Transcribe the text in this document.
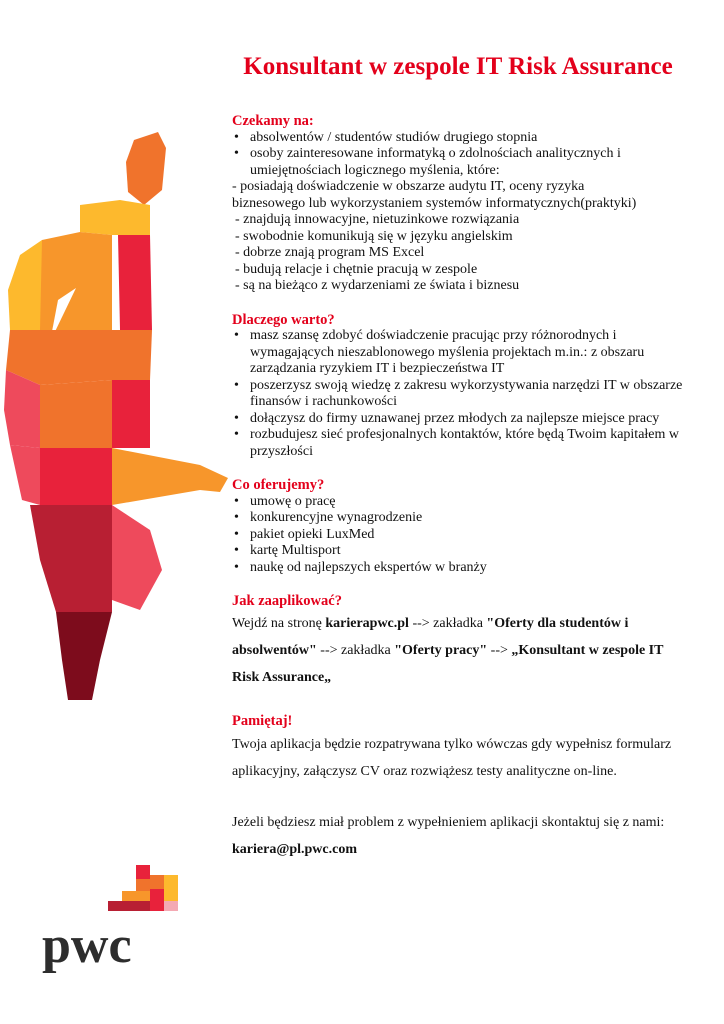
Konsultant w zespole IT Risk Assurance
Czekamy na:
• absolwentów / studentów studiów drugiego stopnia
• osoby zainteresowane informatyką o zdolnościach analitycznych i umiejętnościach logicznego myślenia, które:
- posiadają doświadczenie w obszarze audytu IT, oceny ryzyka
biznesowego lub wykorzystaniem systemów informatycznych(praktyki)
- znajdują innowacyjne, nietuzinkowe rozwiązania
- swobodnie komunikują się w języku angielskim
- dobrze znają program MS Excel
- budują relacje i chętnie pracują w zespole
- są na bieżąco z wydarzeniami ze świata i biznesu
Dlaczego warto?
• masz szansę zdobyć doświadczenie pracując przy różnorodnych i wymagających nieszablonowego myślenia projektach m.in.: z obszaru zarządzania ryzykiem IT i bezpieczeństwa IT
• poszerzysz swoją wiedzę z zakresu wykorzystywania narzędzi IT w obszarze finansów i rachunkowości
• dołączysz do firmy uznawanej przez młodych za najlepsze miejsce pracy
• rozbudujesz sieć profesjonalnych kontaktów, które będą Twoim kapitałem w przyszłości
Co oferujemy?
• umowę o pracę
• konkurencyjne wynagrodzenie
• pakiet opieki LuxMed
• kartę Multisport
• naukę od najlepszych ekspertów w branży
Jak zaaplikować?

Wejdź na stronę karierapwc.pl --> zakładka "Oferty dla studentów i absolwentów" --> zakładka "Oferty pracy" --> „Konsultant w zespole IT Risk Assurance„

Pamiętaj!

Twoja aplikacja będzie rozpatrywana tylko wówczas gdy wypełnisz formularz aplikacyjny, załączysz CV oraz rozwiążesz testy analityczne on-line.

Jeżeli będziesz miał problem z wypełnieniem aplikacji skontaktuj się z nami: kariera@pl.pwc.com

pwc
